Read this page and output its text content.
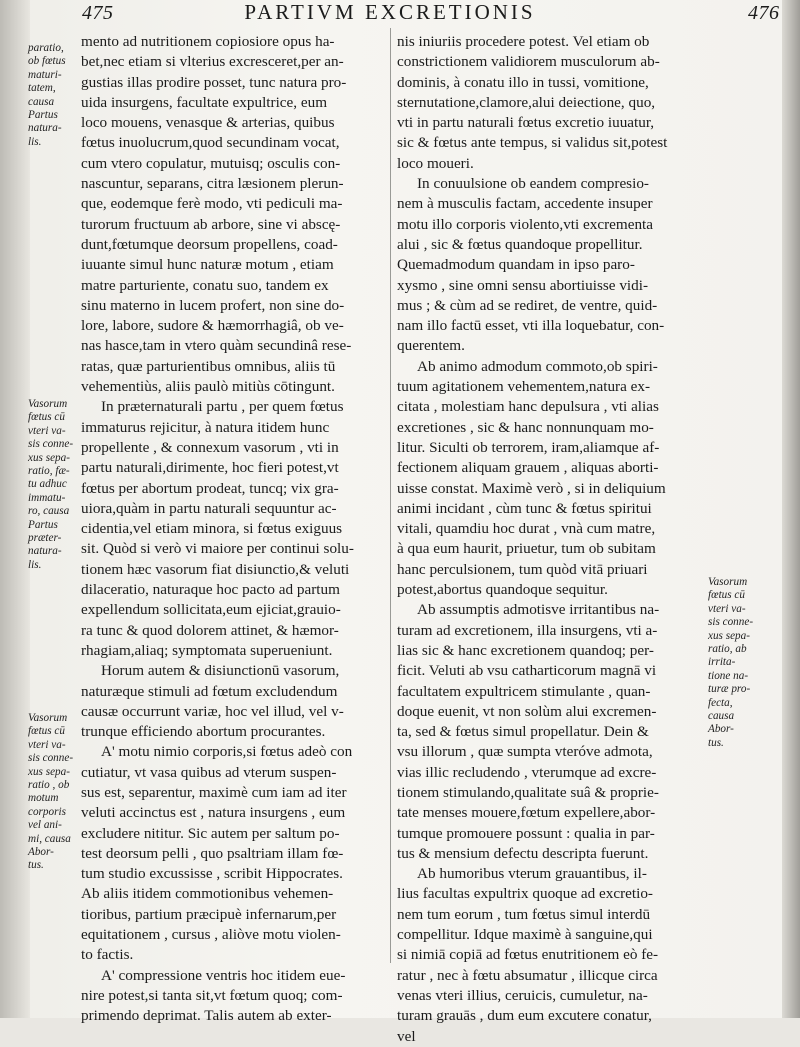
475	PARTIVM EXCRETIONIS	476
paratio,
ob fœtus
maturi-
tatem,
causa
Partus
natura-
lis.
Vasorum
fœtus cū
vteri va-
sis conne-
xus sepa-
ratio, fæ-
tu adhuc
immatu-
ro, causa
Partus
præter-
natura-
lis.
Vasorum
fœtus cū
vteri va-
sis conne-
xus sepa-
ratio , ob
motum
corporis
vel ani-
mi, causa
Abor-
tus.
mento ad nutritionem copiosiore opus ha-
bet,nec etiam si vlterius excresceret,per an-
gustias illas prodire posset, tunc natura pro-
uida insurgens, facultate expultrice, eum
loco mouens, venasque & arterias, quibus
fœtus inuolucrum,quod secundinam vocat,
cum vtero copulatur, mutuisq; osculis con-
nascuntur, separans, citra læsionem plerun-
que, eodemque ferè modo, vti pediculi ma-
turorum fructuum ab arbore, sine vi abscę-
dunt,fœtumque deorsum propellens, coad-
iuuante simul hunc naturæ motum , etiam
matre parturiente, conatu suo, tandem ex
sinu materno in lucem profert, non sine do-
lore, labore, sudore & hæmorrhagiâ, ob ve-
nas hasce,tam in vtero quàm secundinâ rese-
ratas, quæ parturientibus omnibus, aliis tū
vehementiùs, aliis paulò mitiùs cōtingunt.
In præternaturali partu , per quem fœtus
immaturus rejicitur, à natura itidem hunc
propellente , & connexum vasorum , vti in
partu naturali,dirimente, hoc fieri potest,vt
fœtus per abortum prodeat, tuncq; vix gra-
uiora,quàm in partu naturali sequuntur ac-
cidentia,vel etiam minora, si fœtus exiguus
sit. Quòd si verò vi maiore per continui solu-
tionem hæc vasorum fiat disiunctio,& veluti
dilaceratio, naturaque hoc pacto ad partum
expellendum sollicitata,eum ejiciat,grauio-
ra tunc & quod dolorem attinet, & hæmor-
rhagiam,aliaq; symptomata superueniunt.
Horum autem & disiunctionū vasorum,
naturæque stimuli ad fœtum excludendum
causæ occurrunt variæ, hoc vel illud, vel v-
trunque efficiendo abortum procurantes.
A' motu nimio corporis,si fœtus adeò con
cutiatur, vt vasa quibus ad vterum suspen-
sus est, separentur, maximè cum iam ad iter
veluti accinctus est , natura insurgens , eum
excludere nititur. Sic autem per saltum po-
test deorsum pelli , quo psaltriam illam fœ-
tum studio excussisse , scribit Hippocrates.
Ab aliis itidem commotionibus vehemen-
tioribus, partium præcipuè infernarum,per
equitationem , cursus , aliòve motu violen-
to factis.
A' compressione ventris hoc itidem eue-
nire potest,si tanta sit,vt fœtum quoq; com-
primendo deprimat. Talis autem ab exter-
nis iniuriis procedere potest. Vel etiam ob
constrictionem validiorem musculorum ab-
dominis, à conatu illo in tussi, vomitione,
sternutatione,clamore,alui deiectione, quo,
vti in partu naturali fœtus excretio iuuatur,
sic & fœtus ante tempus, si validus sit,potest
loco moueri.
In conuulsione ob eandem compresio-
nem à musculis factam, accedente insuper
motu illo corporis violento,vti excrementa
alui , sic & fœtus quandoque propellitur.
Quemadmodum quandam in ipso paro-
xysmo , sine omni sensu abortiuisse vidi-
mus ; & cùm ad se rediret, de ventre, quid-
nam illo factū esset, vti illa loquebatur, con-
querentem.
Ab animo admodum commoto,ob spiri-
tuum agitationem vehementem,natura ex-
citata , molestiam hanc depulsura , vti alias
excretiones , sic & hanc nonnunquam mo-
litur. Siculti ob terrorem, iram,aliamque af-
fectionem aliquam grauem , aliquas aborti-
uisse constat. Maximè verò , si in deliquium
animi incidant , cùm tunc & fœtus spiritui
vitali, quamdiu hoc durat , vnà cum matre,
à qua eum haurit, priuetur, tum ob subitam
hanc perculsionem, tum quòd vitā priuari
potest,abortus quandoque sequitur.
Ab assumptis admotisve irritantibus na-
turam ad excretionem, illa insurgens, vti a-
lias sic & hanc excretionem quandoq; per-
ficit. Veluti ab vsu catharticorum magnā vi
facultatem expultricem stimulante , quan-
doque euenit, vt non solùm alui excremen-
ta, sed & fœtus simul propellatur. Dein &
vsu illorum , quæ sumpta vteróve admota,
vias illic recludendo , vterumque ad excre-
tionem stimulando,qualitate suâ & proprie-
tate menses mouere,fœtum expellere,abor-
tumque promouere possunt : qualia in par-
tus & mensium defectu descripta fuerunt.
Ab humoribus vterum grauantibus, il-
lius facultas expultrix quoque ad excretio-
nem tum eorum , tum fœtus simul interdū
compellitur. Idque maximè à sanguine,qui
si nimiā copiā ad fœtus enutritionem eò fe-
ratur , nec à fœtu absumatur , illicque circa
venas vteri illius, ceruicis, cumuletur, na-
turam grauās , dum eum excutere conatur,
vel
Vasorum
fœtus cū
vteri va-
sis conne-
xus sepa-
ratio, ab
irrita-
tione na-
turæ pro-
fecta,
causa
Abor-
tus.
